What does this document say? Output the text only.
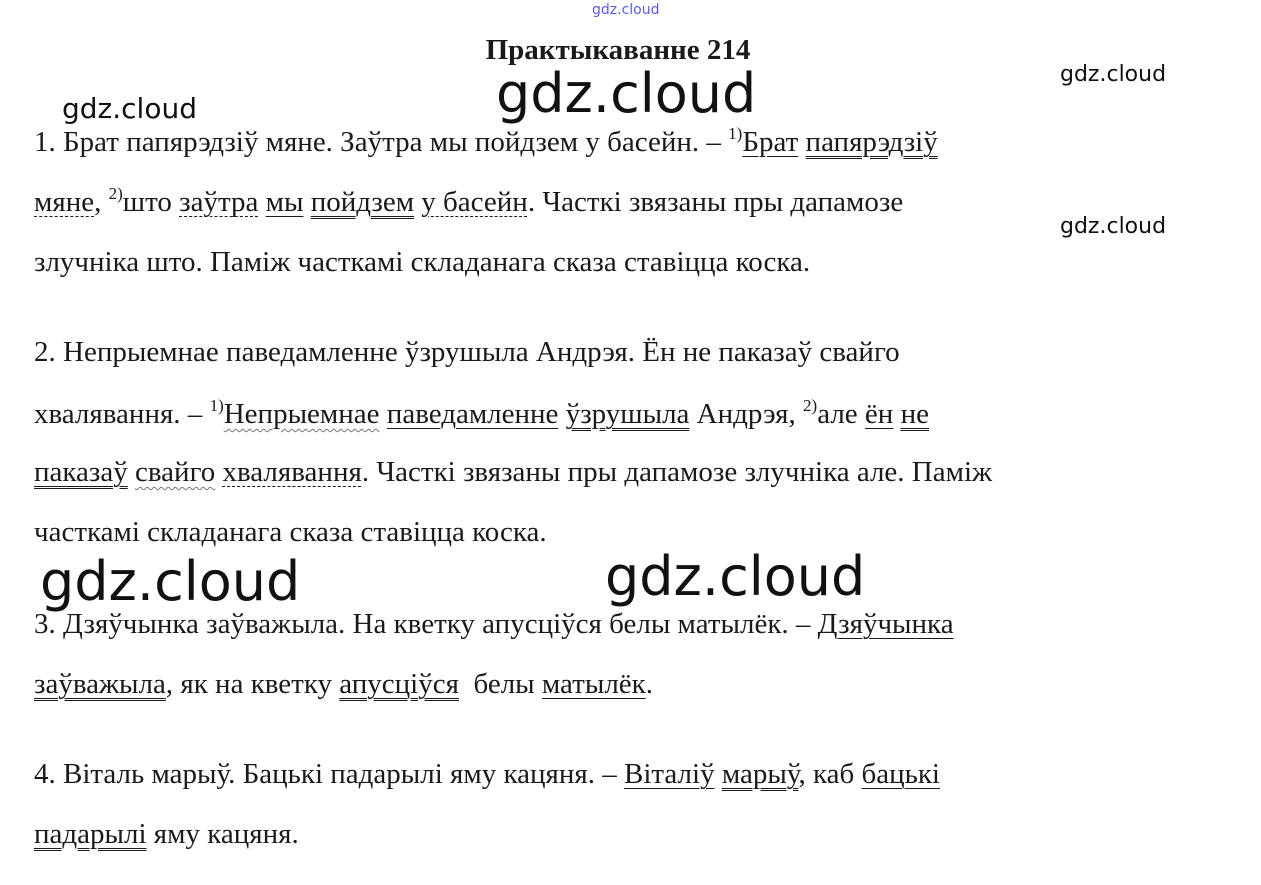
gdz.cloud
gdz.cloud
gdz.cloud
gdz.cloud
gdz.cloud
gdz.cloud	gdz.cloud
Практыкаванне 214
1. Брат папярэдзіў мяне. Заўтра мы пойдзем у басейн. – $^{1)}$Брат папярэдзіў
мяне, $^{2)}$што заўтра мы пойдзем у басейн. Часткі звязаны пры дапамозе
злучніка што. Паміж часткамі складанага сказа ставіцца коска.
2. Непрыемнае паведамленне ўзрушыла Андрэя. Ён не паказаў свайго
хвалявання. – $^{1)}$Непрыемнае паведамленне ўзрушыла Андрэя, $^{2)}$але ён не
паказаў свайго хвалявання. Часткі звязаны пры дапамозе злучніка але. Паміж
часткамі складанага сказа ставіцца коска.
3. Дзяўчынка заўважыла. На кветку апусціўся белы матылёк. – Дзяўчынка
заўважыла, як на кветку апусціўся  белы матылёк.
4. Віталь марыў. Бацькі падарылі яму кацяня. – Віталіў марыў, каб бацькі
падарылі яму кацяня.
